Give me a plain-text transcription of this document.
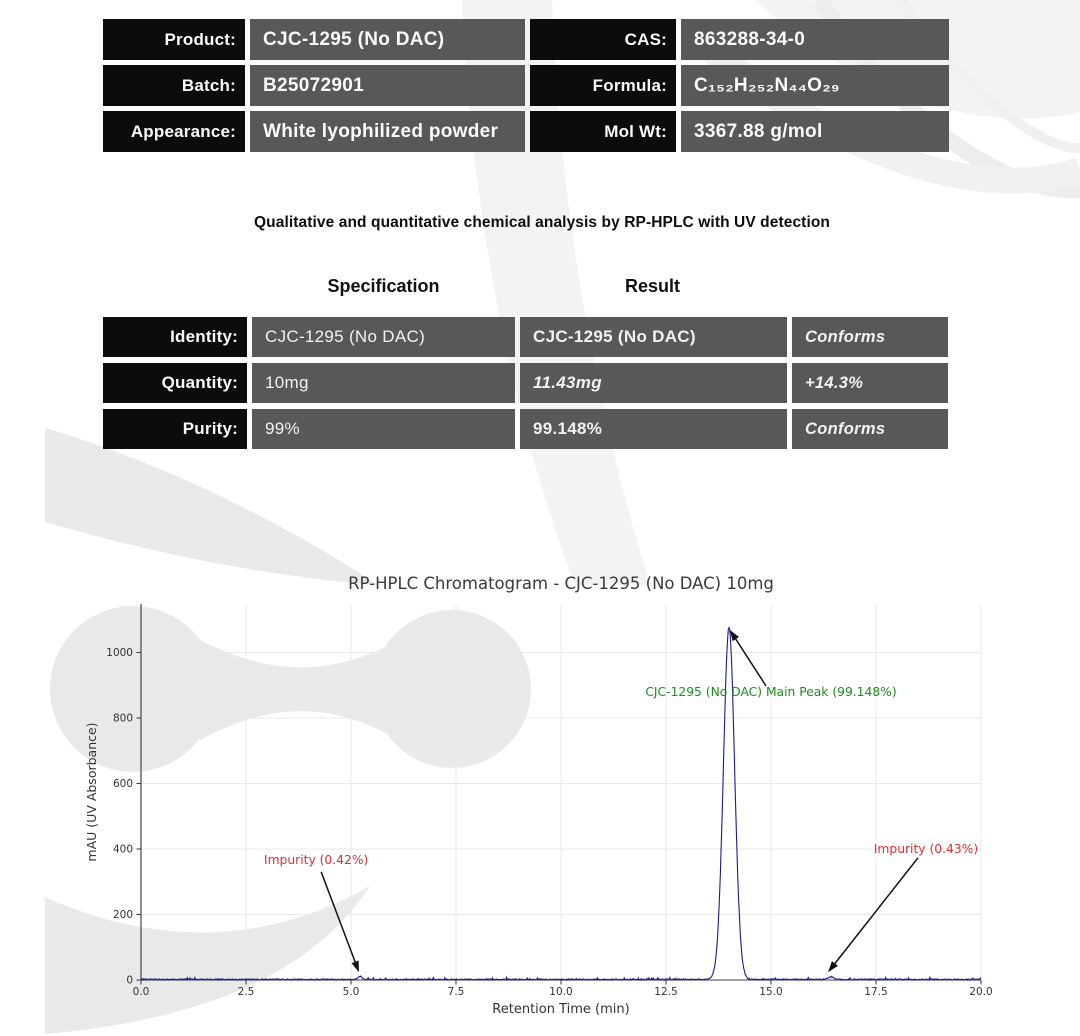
Product:	CJC-1295 (No DAC)	CAS:	863288-34-0
Batch:	B25072901	Formula:	C₁₅₂H₂₅₂N₄₄O₂₉
Appearance:	White lyophilized powder	Mol Wt:	3367.88 g/mol
Qualitative and quantitative chemical analysis by RP-HPLC with UV detection
Specification	Result
Identity:	CJC-1295 (No DAC)	CJC-1295 (No DAC)	Conforms
Quantity:	10mg	11.43mg	+14.3%
Purity:	99%	99.148%	Conforms
0.0	2.5	5.0	7.5	10.0	12.5	15.0	17.5	20.0
0
200
400
600
800
1000
RP-HPLC Chromatogram - CJC-1295 (No DAC) 10mg
Retention Time (min)
mAU (UV Absorbance)
CJC-1295 (No DAC) Main Peak (99.148%)
Impurity (0.42%)
Impurity (0.43%)
